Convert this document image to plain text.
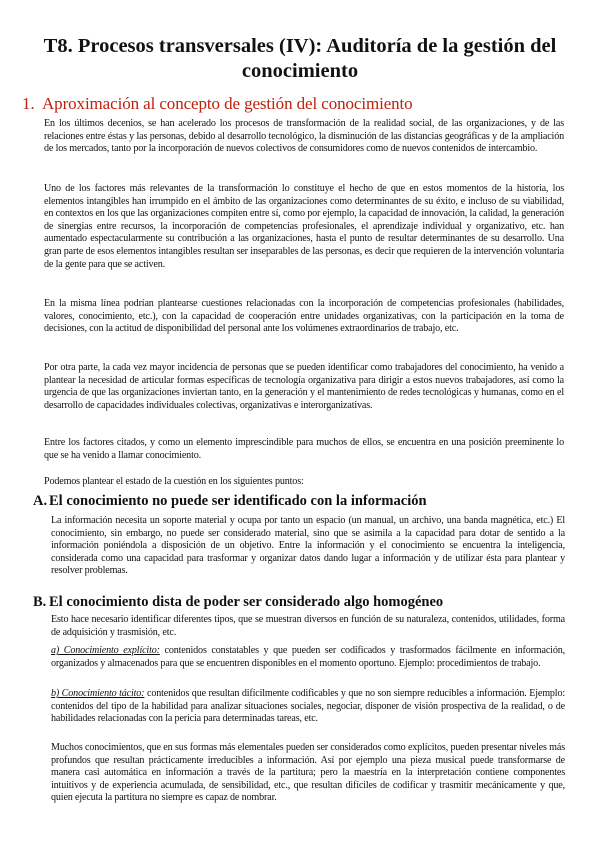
T8. Procesos transversales (IV): Auditoría de la gestión del
conocimiento
1. Aproximación al concepto de gestión del conocimiento

En los últimos decenios, se han acelerado los procesos de transformación de la realidad social, de las organizaciones, y de las relaciones entre éstas y las personas, debido al desarrollo tecnológico, la disminución de las distancias geográficas y de la ampliación de los mercados, tanto por la incorporación de nuevos colectivos de consumidores como de nuevos contenidos de intercambio.

Uno de los factores más relevantes de la transformación lo constituye el hecho de que en estos momentos de la historia, los elementos intangibles han irrumpido en el ámbito de las organizaciones como determinantes de su éxito, e incluso de su viabilidad, en contextos en los que las organizaciones compiten entre sí, como por ejemplo, la capacidad de innovación, la calidad, la generación de sinergias entre recursos, la incorporación de competencias profesionales, el aprendizaje individual y organizativo, etc. han aumentado espectacularmente su contribución a las organizaciones, hasta el punto de resultar determinantes de su desarrollo. Una gran parte de esos elementos intangibles resultan ser inseparables de las personas, es decir que requieren de la intervención voluntaria de la gente para que se activen.

En la misma línea podrían plantearse cuestiones relacionadas con la incorporación de competencias profesionales (habilidades, valores, conocimiento, etc.), con la capacidad de cooperación entre unidades organizativas, con la participación en la toma de decisiones, con la actitud de disponibilidad del personal ante los volúmenes extraordinarios de trabajo, etc.

Por otra parte, la cada vez mayor incidencia de personas que se pueden identificar como trabajadores del conocimiento, ha venido a plantear la necesidad de articular formas específicas de tecnología organizativa para dirigir a estos nuevos trabajadores, así como la urgencia de que las organizaciones inviertan tanto, en la generación y el mantenimiento de redes tecnológicas y humanas, como en el desarrollo de capacidades individuales colectivas, organizativas e interorganizativas.

Entre los factores citados, y como un elemento imprescindible para muchos de ellos, se encuentra en una posición preeminente lo que se ha venido a llamar conocimiento.

Podemos plantear el estado de la cuestión en los siguientes puntos:

A. El conocimiento no puede ser identificado con la información

La información necesita un soporte material y ocupa por tanto un espacio (un manual, un archivo, una banda magnética, etc.) El conocimiento, sin embargo, no puede ser considerado material, sino que se asimila a la capacidad para dotar de sentido a la información poniéndola a disposición de un objetivo. Entre la información y el conocimiento se encuentra la inteligencia, considerada como una capacidad para trasformar y organizar datos dando lugar a información y de utilizar ésta para plantear y resolver problemas.

B. El conocimiento dista de poder ser considerado algo homogéneo

Esto hace necesario identificar diferentes tipos, que se muestran diversos en función de su naturaleza, contenidos, utilidades, forma de adquisición y trasmisión, etc.

a) Conocimiento explícito: contenidos constatables y que pueden ser codificados y trasformados fácilmente en información, organizados y almacenados para que se encuentren disponibles en el momento oportuno. Ejemplo: procedimientos de trabajo.

b) Conocimiento tácito: contenidos que resultan difícilmente codificables y que no son siempre reducibles a información. Ejemplo: contenidos del tipo de la habilidad para analizar situaciones sociales, negociar, disponer de visión prospectiva de la realidad, o de habilidades relacionadas con la pericia para determinadas tareas, etc.

Muchos conocimientos, que en sus formas más elementales pueden ser considerados como explícitos, pueden presentar niveles más profundos que resultan prácticamente irreducibles a información. Así por ejemplo una pieza musical puede transformarse de manera casi automática en información a través de la partitura; pero la maestría en la interpretación contiene componentes intuitivos y de experiencia acumulada, de sensibilidad, etc., que resultan difíciles de codificar y trasmitir mecánicamente y que, quien ejecuta la partitura no siempre es capaz de nombrar.
